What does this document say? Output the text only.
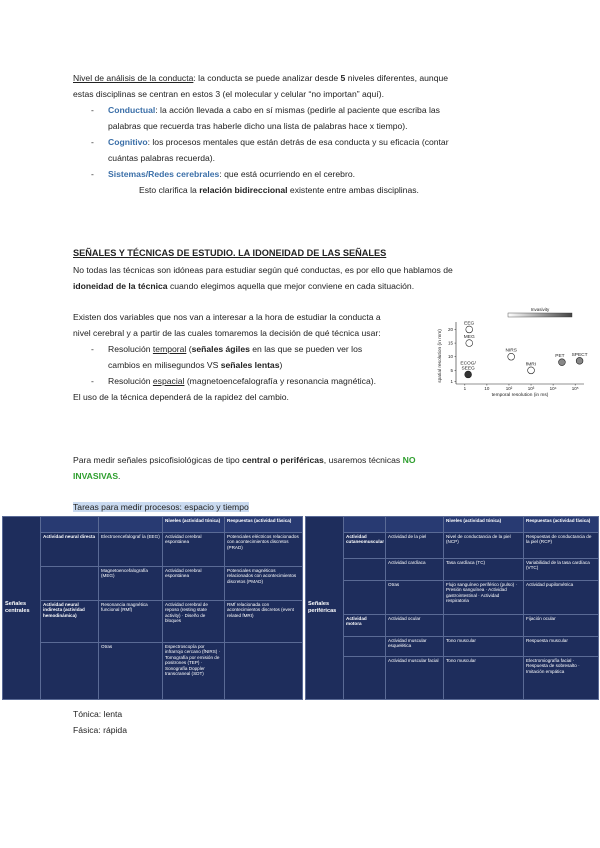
Nivel de análisis de la conducta: la conducta se puede analizar desde 5 niveles diferentes, aunque
estas disciplinas se centran en estos 3 (el molecular y celular “no importan” aquí).
- Conductual: la acción llevada a cabo en sí mismas (pedirle al paciente que escriba las
palabras que recuerda tras haberle dicho una lista de palabras hace x tiempo).
- Cognitivo: los procesos mentales que están detrás de esa conducta y su eficacia (contar
cuántas palabras recuerda).
- Sistemas/Redes cerebrales: que está ocurriendo en el cerebro.
Esto clarifica la relación bidireccional existente entre ambas disciplinas.
SEÑALES Y TÉCNICAS DE ESTUDIO. LA IDONEIDAD DE LAS SEÑALES
No todas las técnicas son idóneas para estudiar según qué conductas, es por ello que hablamos de
idoneidad de la técnica cuando elegimos aquella que mejor conviene en cada situación.
Existen dos variables que nos van a interesar a la hora de estudiar la conducta a
nivel cerebral y a partir de las cuales tomaremos la decisión de qué técnica usar:
- Resolución temporal (señales ágiles en las que se pueden ver los
cambios en milisegundos VS señales lentas)
- Resolución espacial (magnetoencefalografía y resonancia magnética).
El uso de la técnica dependerá de la rapidez del cambio.
Invasivity
1	10	10²	10³	10⁴	10⁵
1
5
10
15
20
EEG
MEG
NIRS
ECOG/
SEEG
fMRI
PET SPECT
temporal resolution (in ms)
spatial resolution (in mm)
Para medir señales psicofisiológicas de tipo central o periféricas, usaremos técnicas NO
INVASIVAS.
Tareas para medir procesos: espacio y tiempo
Señales centrales			Niveles (actividad tónica)	Respuestas (actividad fásica)
	Actividad neural directa	Electroencefalograf ía (EEG)	Actividad cerebral espontánea	Potenciales eléctricos relacionados con acontecimientos discretos (PRAD)
		Magnetoencefalografía (MEG)	Actividad cerebral espontánea	Potenciales magnéticos relacionados con acontecimientos discretos (PMAD)
	Actividad neural indirecta (actividad hemodinámica)	Resonancia magnética funcional (RMf)	Actividad cerebral de reposo (resting state activity) · Diseño de bloques	RMf relacionada con acontecimientos discretos (event related fMRI)
		Otras	Espectroscopía por infrarrojo cercano (fNIRS) · Tomografía por emisión de positrones (TEP) · Sonografía Doppler transcraneal (SDT)	
Señales periféricas			Niveles (actividad tónica)	Respuestas (actividad fásica)
	Actividad cutaneomuscular	Actividad de la piel	Nivel de conductancia de la piel (NCP)	Respuestas de conductancia de la piel (RCP)
		Actividad cardíaca	Tasa cardíaca (TC)	Variabilidad de la tasa cardíaca (VTC)
		Otras	Flujo sanguíneo periférico (pulso) · Presión sanguínea · Actividad gastrointestinal · Actividad respiratoria	Actividad pupilométrica
	Actividad motora	Actividad ocular		Fijación ocular
		Actividad muscular esquelética	Tono muscular	Respuesta muscular
		Actividad muscular facial	Tono muscular	Electromiografía facial · Respuesta de sobresalto · Imitación empática
Tónica: lenta
Fásica: rápida
